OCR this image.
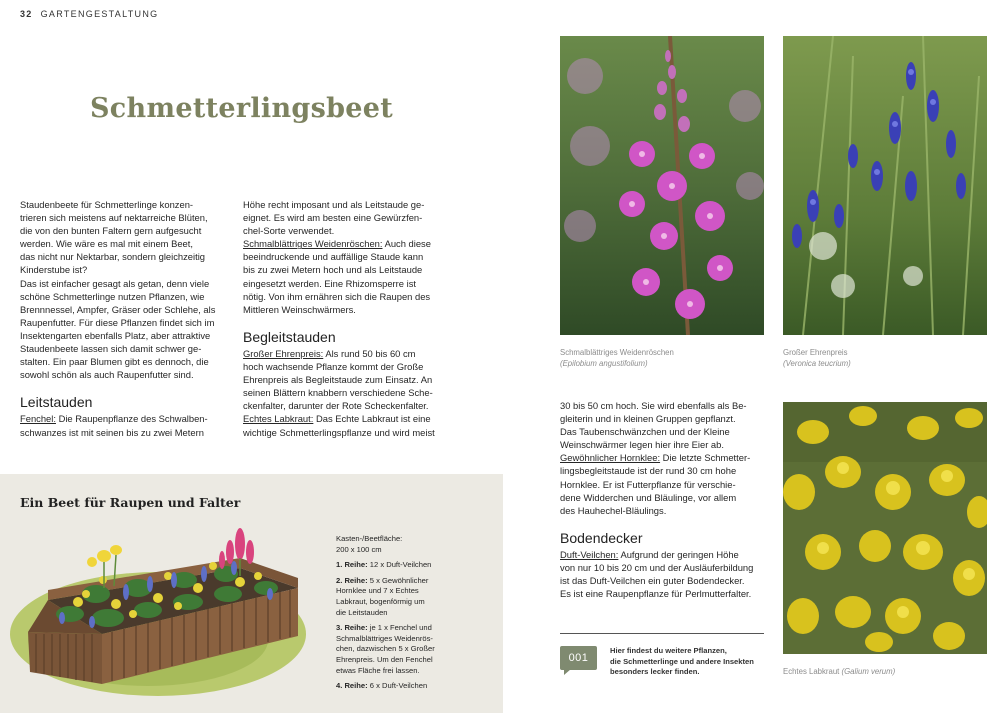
32 GARTENGESTALTUNG
Schmetterlingsbeet

Staudenbeete für Schmetterlinge konzen-
trieren sich meistens auf nektarreiche Blüten,
die von den bunten Faltern gern aufgesucht
werden. Wie wäre es mal mit einem Beet,
das nicht nur Nektarbar, sondern gleichzeitig
Kinderstube ist?
Das ist einfacher gesagt als getan, denn viele
schöne Schmetterlinge nutzen Pflanzen, wie
Brennnessel, Ampfer, Gräser oder Schlehe, als
Raupenfutter. Für diese Pflanzen findet sich im
Insektengarten ebenfalls Platz, aber attraktive
Staudenbeete lassen sich damit schwer ge-
stalten. Ein paar Blumen gibt es dennoch, die
sowohl schön als auch Raupenfutter sind.

Leitstauden

Fenchel: Die Raupenpflanze des Schwalben-
schwanzes ist mit seinen bis zu zwei Metern

Höhe recht imposant und als Leitstaude ge-
eignet. Es wird am besten eine Gewürzfen-
chel-Sorte verwendet.

Schmalblättriges Weidenröschen: Auch diese
beeindruckende und auffällige Staude kann
bis zu zwei Metern hoch und als Leitstaude
eingesetzt werden. Eine Rhizomsperre ist
nötig. Von ihm ernähren sich die Raupen des
Mittleren Weinschwärmers.

Begleitstauden

Großer Ehrenpreis: Als rund 50 bis 60 cm
hoch wachsende Pflanze kommt der Große
Ehrenpreis als Begleitstaude zum Einsatz. An
seinen Blättern knabbern verschiedene Sche-
ckenfalter, darunter der Rote Scheckenfalter.

Echtes Labkraut: Das Echte Labkraut ist eine
wichtige Schmetterlingspflanze und wird meist

Ein Beet für Raupen und Falter

Kasten-/Beetfläche:
200 x 100 cm

1. Reihe: 12 x Duft-Veilchen

2. Reihe: 5 x Gewöhnlicher
Hornklee und 7 x Echtes
Labkraut, bogenförmig um
die Leitstauden

3. Reihe: je 1 x Fenchel und
Schmalblättriges Weidenrös-
chen, dazwischen 5 x Großer
Ehrenpreis. Um den Fenchel
etwas Fläche frei lassen.

4. Reihe: 6 x Duft-Veilchen

Schmalblättriges Weidenröschen
(Epilobium angustifolium)
Großer Ehrenpreis
(Veronica teucrium)
Echtes Labkraut (Galium verum)

30 bis 50 cm hoch. Sie wird ebenfalls als Be-
gleiterin und in kleinen Gruppen gepflanzt.
Das Taubenschwänzchen und der Kleine
Weinschwärmer legen hier ihre Eier ab.

Gewöhnlicher Hornklee: Die letzte Schmetter-
lingsbegleitstaude ist der rund 30 cm hohe
Hornklee. Er ist Futterpflanze für verschie-
dene Widderchen und Bläulinge, vor allem
des Hauhechel-Bläulings.

Bodendecker

Duft-Veilchen: Aufgrund der geringen Höhe
von nur 10 bis 20 cm und der Ausläuferbildung
ist das Duft-Veilchen ein guter Bodendecker.
Es ist eine Raupenpflanze für Perlmutterfalter.

001
Hier findest du weitere Pflanzen,
die Schmetterlinge und andere Insekten
besonders lecker finden.
